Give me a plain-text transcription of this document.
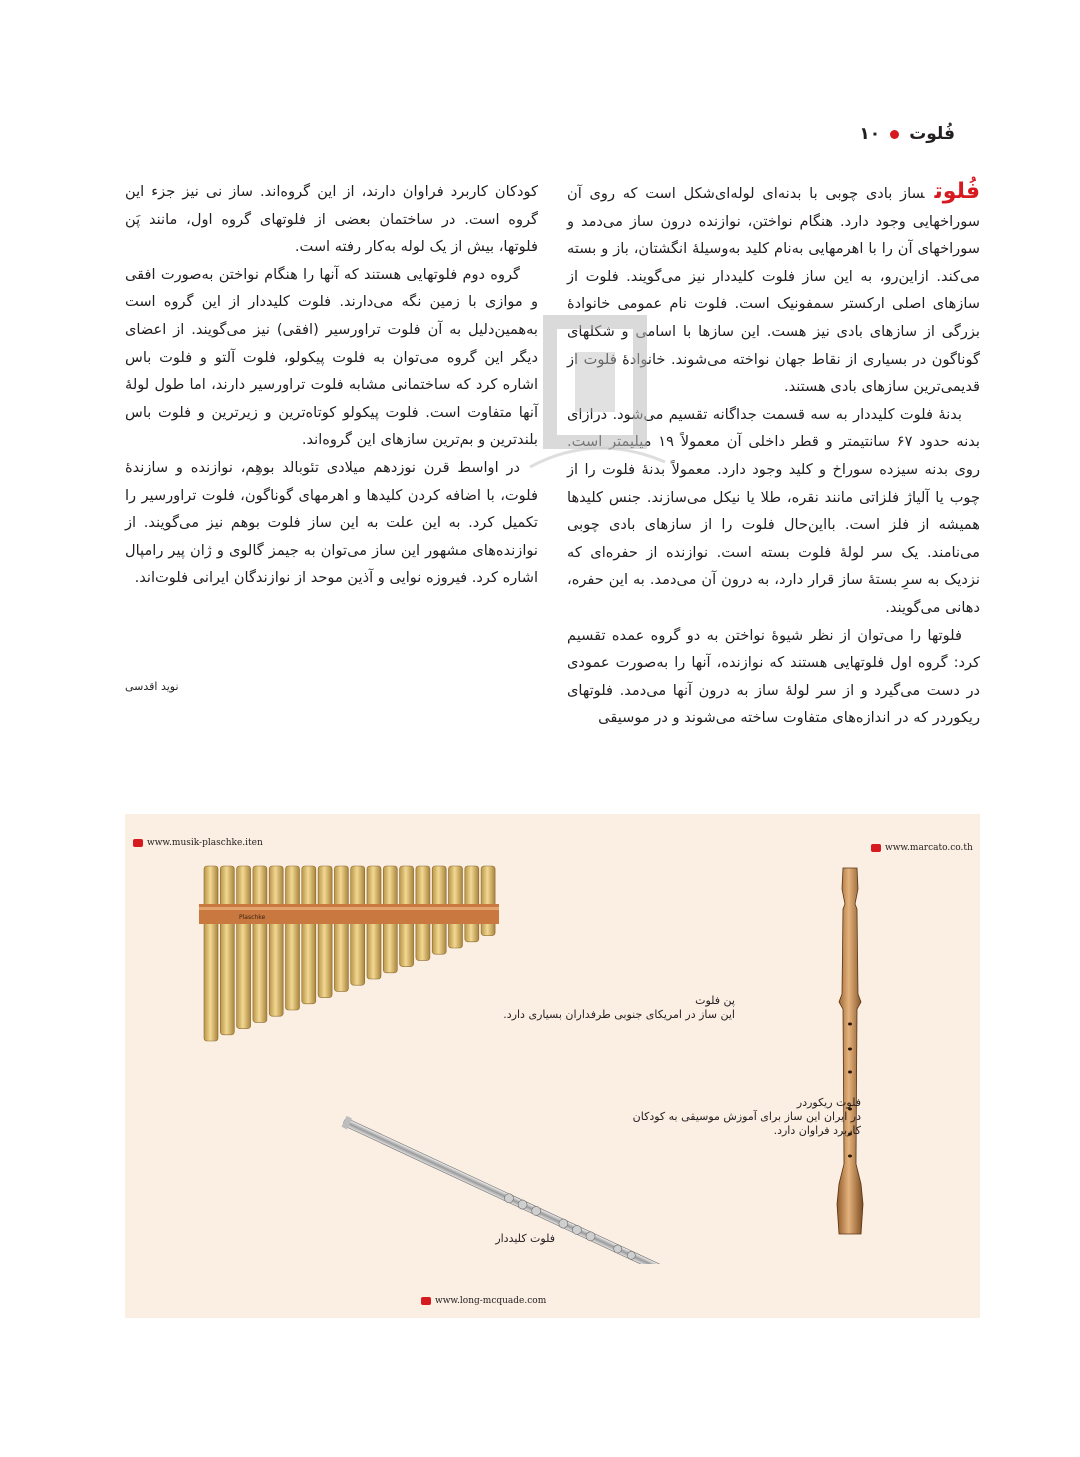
فُلوت
۱۰

فُلوتساز بادی چوبی با بدنه‌ای لوله‌ای‌شکل است که روی آن سوراخهایی وجود دارد. هنگام نواختن، نوازنده درون ساز می‌دمد و سوراخهای آن را با اهرمهایی به‌نام کلید به‌وسیلهٔ انگشتان، باز و بسته می‌کند. ازاین‌رو، به این ساز فلوت کلیددار نیز می‌گویند. فلوت از سازهای اصلی ارکستر سمفونیک است. فلوت نام عمومی خانوادهٔ بزرگی از سازهای بادی نیز هست. این سازها با اسامی و شکلهای گوناگون در بسیاری از نقاط جهان نواخته می‌شوند. خانوادهٔ فلوت از قدیمی‌ترین سازهای بادی هستند.

بدنهٔ فلوت کلیددار به سه قسمت جداگانه تقسیم می‌شود. درازای بدنه حدود ۶۷ سانتیمتر و قطر داخلی آن معمولاً ۱۹ میلیمتر است. روی بدنه سیزده سوراخ و کلید وجود دارد. معمولاً بدنهٔ فلوت را از چوب یا آلیاژ فلزاتی مانند نقره، طلا یا نیکل می‌سازند. جنس کلیدها همیشه از فلز است. بااین‌حال فلوت را از سازهای بادی چوبی می‌نامند. یک سر لولهٔ فلوت بسته است. نوازنده از حفره‌ای که نزدیک به سرِ بستهٔ ساز قرار دارد، به درون آن می‌دمد. به این حفره، دهانی می‌گویند.

فلوتها را می‌توان از نظر شیوهٔ نواختن به دو گروه عمده تقسیم کرد: گروه اول فلوتهایی هستند که نوازنده، آنها را به‌صورت عمودی در دست می‌گیرد و از سر لولهٔ ساز به درون آنها می‌دمد. فلوتهای ریکوردر که در اندازه‌های متفاوت ساخته می‌شوند و در موسیقی

کودکان کاربرد فراوان دارند، از این گروه‌اند. ساز نی نیز جزء این گروه است. در ساختمان بعضی از فلوتهای گروه اول، مانند پَن فلوتها، بیش از یک لوله به‌کار رفته است.

گروه دوم فلوتهایی هستند که آنها را هنگام نواختن به‌صورت افقی و موازی با زمین نگه می‌دارند. فلوت کلیددار از این گروه است به‌همین‌دلیل به آن فلوت تراورسیر (افقی) نیز می‌گویند. از اعضای دیگر این گروه می‌توان به فلوت پیکولو، فلوت آلتو و فلوت باس اشاره کرد که ساختمانی مشابه فلوت تراورسیر دارند، اما طول لولهٔ آنها متفاوت است. فلوت پیکولو کوتاه‌ترین و زیرترین و فلوت باس بلندترین و بم‌ترین سازهای این گروه‌اند.

در اواسط قرن نوزدهم میلادی تئوبالد بوهِم، نوازنده و سازندهٔ فلوت، با اضافه کردن کلیدها و اهرمهای گوناگون، فلوت تراورسیر را تکمیل کرد. به این علت به این ساز فلوت بوهم نیز می‌گویند. از نوازنده‌های مشهور این ساز می‌توان به جیمز گالوی و ژان پیر رامپال اشاره کرد. فیروزه نوایی و آذین موحد از نوازندگان ایرانی فلوت‌اند.

نوید اقدسی
www.musik-plaschke.iten	www.marcato.co.th
www.long-mcquade.com
Plaschke
پن فلوت
این ساز در امریکای جنوبی طرفداران بسیاری دارد.
فلوت ریکوردر
در ایران این ساز برای آموزش موسیقی به کودکان کاربرد فراوان دارد.
فلوت کلیددار
